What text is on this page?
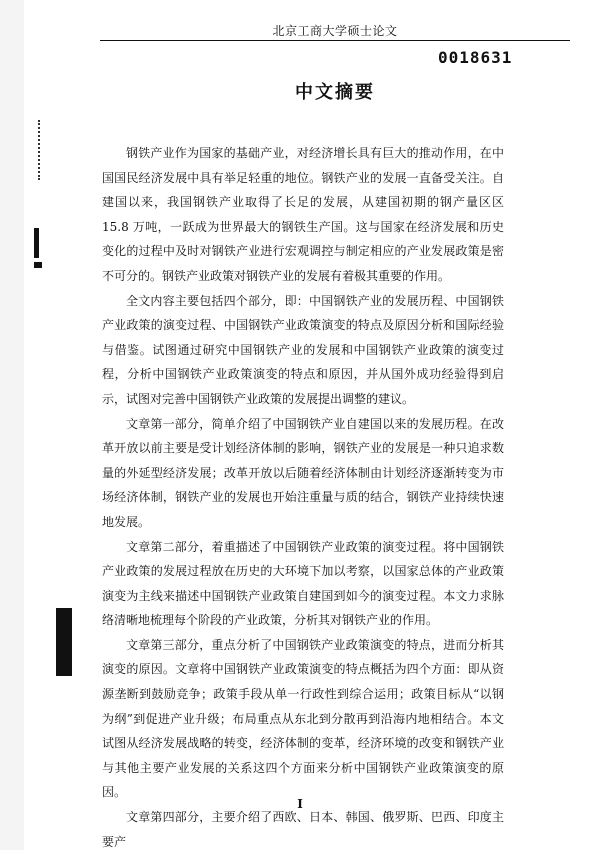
北京工商大学硕士论文
0018631
中文摘要

钢铁产业作为国家的基础产业，对经济增长具有巨大的推动作用，在中国国民经济发展中具有举足轻重的地位。钢铁产业的发展一直备受关注。自建国以来，我国钢铁产业取得了长足的发展，从建国初期的钢产量区区 15.8 万吨，一跃成为世界最大的钢铁生产国。这与国家在经济发展和历史变化的过程中及时对钢铁产业进行宏观调控与制定相应的产业发展政策是密不可分的。钢铁产业政策对钢铁产业的发展有着极其重要的作用。

全文内容主要包括四个部分，即：中国钢铁产业的发展历程、中国钢铁产业政策的演变过程、中国钢铁产业政策演变的特点及原因分析和国际经验与借鉴。试图通过研究中国钢铁产业的发展和中国钢铁产业政策的演变过程，分析中国钢铁产业政策演变的特点和原因，并从国外成功经验得到启示，试图对完善中国钢铁产业政策的发展提出调整的建议。

文章第一部分，简单介绍了中国钢铁产业自建国以来的发展历程。在改革开放以前主要是受计划经济体制的影响，钢铁产业的发展是一种只追求数量的外延型经济发展；改革开放以后随着经济体制由计划经济逐渐转变为市场经济体制，钢铁产业的发展也开始注重量与质的结合，钢铁产业持续快速地发展。

文章第二部分，着重描述了中国钢铁产业政策的演变过程。将中国钢铁产业政策的发展过程放在历史的大环境下加以考察，以国家总体的产业政策演变为主线来描述中国钢铁产业政策自建国到如今的演变过程。本文力求脉络清晰地梳理每个阶段的产业政策，分析其对钢铁产业的作用。

文章第三部分，重点分析了中国钢铁产业政策演变的特点，进而分析其演变的原因。文章将中国钢铁产业政策演变的特点概括为四个方面：即从资源垄断到鼓励竞争；政策手段从单一行政性到综合运用；政策目标从“以钢为纲”到促进产业升级；布局重点从东北到分散再到沿海内地相结合。本文试图从经济发展战略的转变，经济体制的变革，经济环境的改变和钢铁产业与其他主要产业发展的关系这四个方面来分析中国钢铁产业政策演变的原因。

文章第四部分，主要介绍了西欧、日本、韩国、俄罗斯、巴西、印度主要产

I
